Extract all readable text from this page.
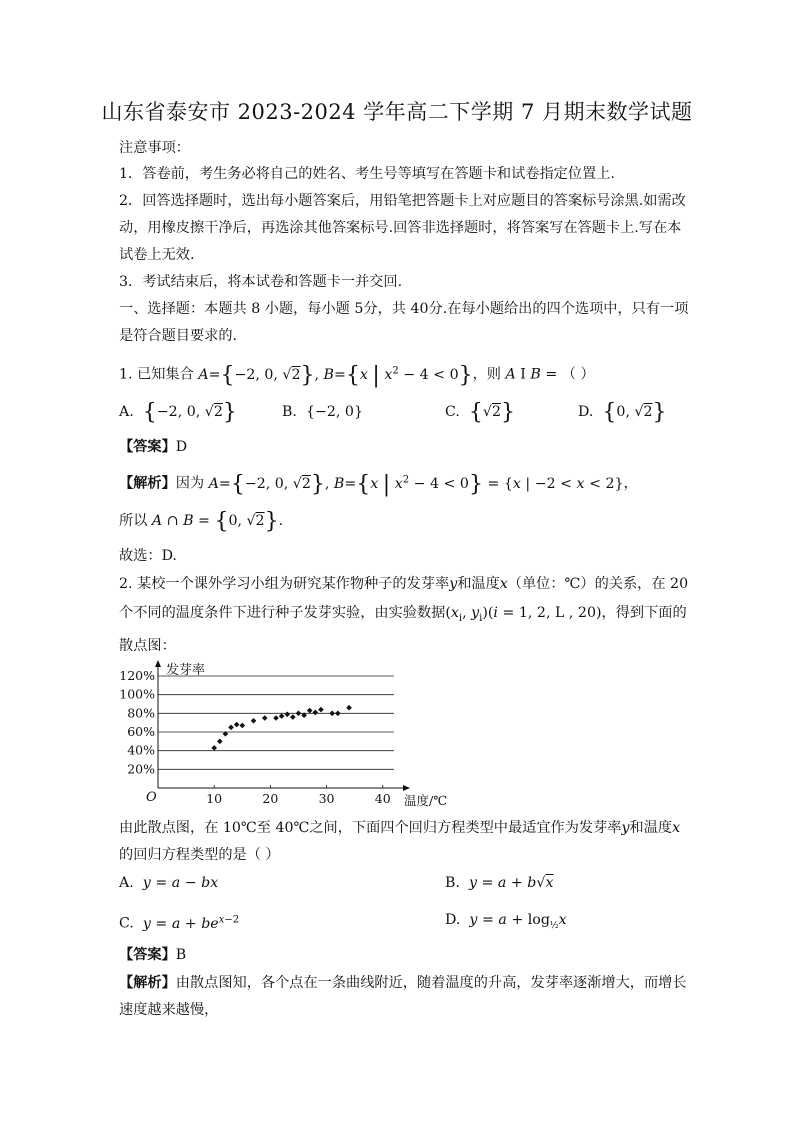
山东省泰安市 2023-2024 学年高二下学期 7 月期末数学试题
注意事项：
1．答卷前，考生务必将自己的姓名、考生号等填写在答题卡和试卷指定位置上.
2．回答选择题时，选出每小题答案后，用铅笔把答题卡上对应题目的答案标号涂黑.如需改
动，用橡皮擦干净后，再选涂其他答案标号.回答非选择题时，将答案写在答题卡上.写在本
试卷上无效.
3．考试结束后，将本试卷和答题卡一并交回.
一、选择题：本题共 8 小题，每小题 5分，共 40分.在每小题给出的四个选项中，只有一项
是符合题目要求的.
1. 已知集合 A={−2, 0, √2}, B={x | $x^2 - 4 < 0$}，则 A I B = （ ）
A. {−2, 0, √2}	B. {−2, 0}	C. {√2}	D. {0, √2}
【答案】D
【解析】因为 A={−2, 0, √2}, B={x | $x^2 - 4 < 0\} = \{x$ | −2 < x < 2}，
所以 A ∩ B = {0, √2}.
故选：D.
2. 某校一个课外学习小组为研究某作物种子的发芽率y和温度x（单位：℃）的关系，在 20
个不同的温度条件下进行种子发芽实验，由实验数据($x_i$, $y_i)(i = 1$, 2, L , 20)，得到下面的
散点图：
20%
40%
60%
80%
100%
120%
10	20	30	40
O
发芽率
温度/℃
由此散点图，在 10℃至 40℃之间，下面四个回归方程类型中最适宜作为发芽率y和温度x
的回归方程类型的是（ ）
A. y = a − bx	B. y = a + b√x
C. $y = a + be^{x-2}$	D. $y = a + \log_{\frac{1}{2}}x$
【答案】B
【解析】由散点图知，各个点在一条曲线附近，随着温度的升高，发芽率逐渐增大，而增长
速度越来越慢，
